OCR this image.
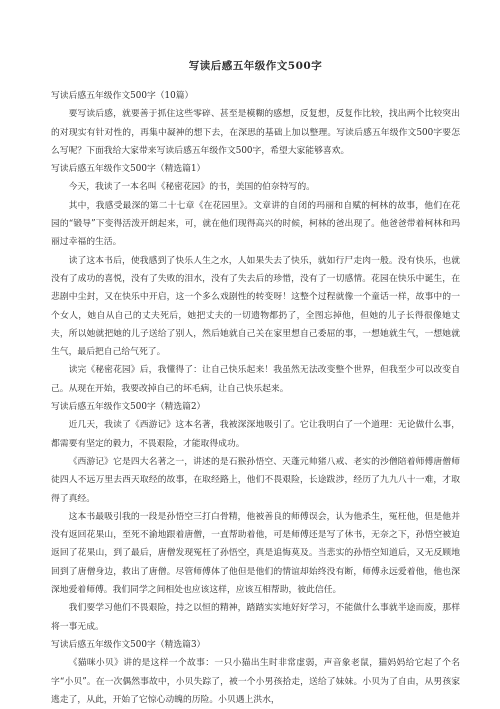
写读后感五年级作文500字

写读后感五年级作文500字（10篇）

要写读后感，就要善于抓住这些零碎、甚至是模糊的感想，反复想，反复作比较，找出两个比较突出的对现实有针对性的，再集中凝神的想下去，在深思的基础上加以整理。写读后感五年级作文500字要怎么写呢？下面我给大家带来写读后感五年级作文500字，希望大家能够喜欢。

写读后感五年级作文500字（精选篇1）

今天，我读了一本名叫《秘密花园》的书，美国的伯奈特写的。

其中，我感受最深的第二十七章《在花园里》。文章讲的自闭的玛丽和自赋的柯林的故事，他们在花园的“锻导”下变得活泼开朗起来，可，就在他们现得高兴的时候，柯林的爸出现了。他爸爸带着柯林和玛丽过幸福的生活。

读了这本书后，使我感到了快乐人生之水，人如果失去了快乐，就如行尸走肉一般。没有快乐，也就没有了成功的喜悦，没有了失败的泪水，没有了失去后的珍惜，没有了一切感情。花园在快乐中诞生，在悲剧中尘封，又在快乐中开启，这一个多么戏剧性的转变呀！这整个过程就像一个童话一样，故事中的一个女人，她自从自己的丈夫死后，她把丈夫的一切遗物都扔了，全图忘掉他，但她的儿子长得很像她丈夫，所以她就把她的儿子送给了别人，然后她就自己关在家里想自己委屈的事，一想她就生气，一想她就生气，最后把自己给气死了。

读完《秘密花园》后，我懂得了：让自己快乐起来！我虽然无法改变整个世界，但我至少可以改变自己。从现在开始，我要改掉自己的坏毛病，让自己快乐起来。

写读后感五年级作文500字（精选篇2）

近几天，我读了《西游记》这本名著，我被深深地吸引了。它让我明白了一个道理：无论做什么事，都需要有坚定的毅力，不畏艰险，才能取得成功。

《西游记》它是四大名著之一，讲述的是石猴孙悟空、天蓬元帅猪八戒、老实的沙僧陪着师傅唐僧师徒四人不远万里去西天取经的故事，在取经路上，他们不畏艰险，长途跋涉，经历了九九八十一难，才取得了真经。

这本书最吸引我的一段是孙悟空三打白骨精，他被善良的师傅误会，认为他杀生，冤枉他，但是他并没有返回花果山，至死不渝地跟着唐僧，一直帮助着他，可是师傅还是写了休书，无奈之下，孙悟空被迫返回了花果山，到了最后，唐僧发现冤枉了孙悟空，真是追悔莫及。当悲实的孙悟空知道后，又无反顾地回到了唐僧身边，救出了唐僧。尽管师傅体了他但是他们的情谊却始终没有断，师傅永远爱着他，他也深深地爱着师傅。我们同学之间相处也应该这样，应该互相帮助，彼此信任。

我们要学习他们不畏艰险，持之以恒的精神，踏踏实实地好好学习，不能做什么事就半途而废，那样将一事无成。

写读后感五年级作文500字（精选篇3）

《猫咪小贝》讲的是这样一个故事：一只小猫出生时非常虚弱，声音象老鼠，猫妈妈给它起了个名字“小贝”。在一次偶然事故中，小贝失踪了，被一个小男孩拾走，送给了妹妹。小贝为了自由，从男孩家逃走了，从此，开始了它惊心动魄的历险。小贝遇上洪水，
